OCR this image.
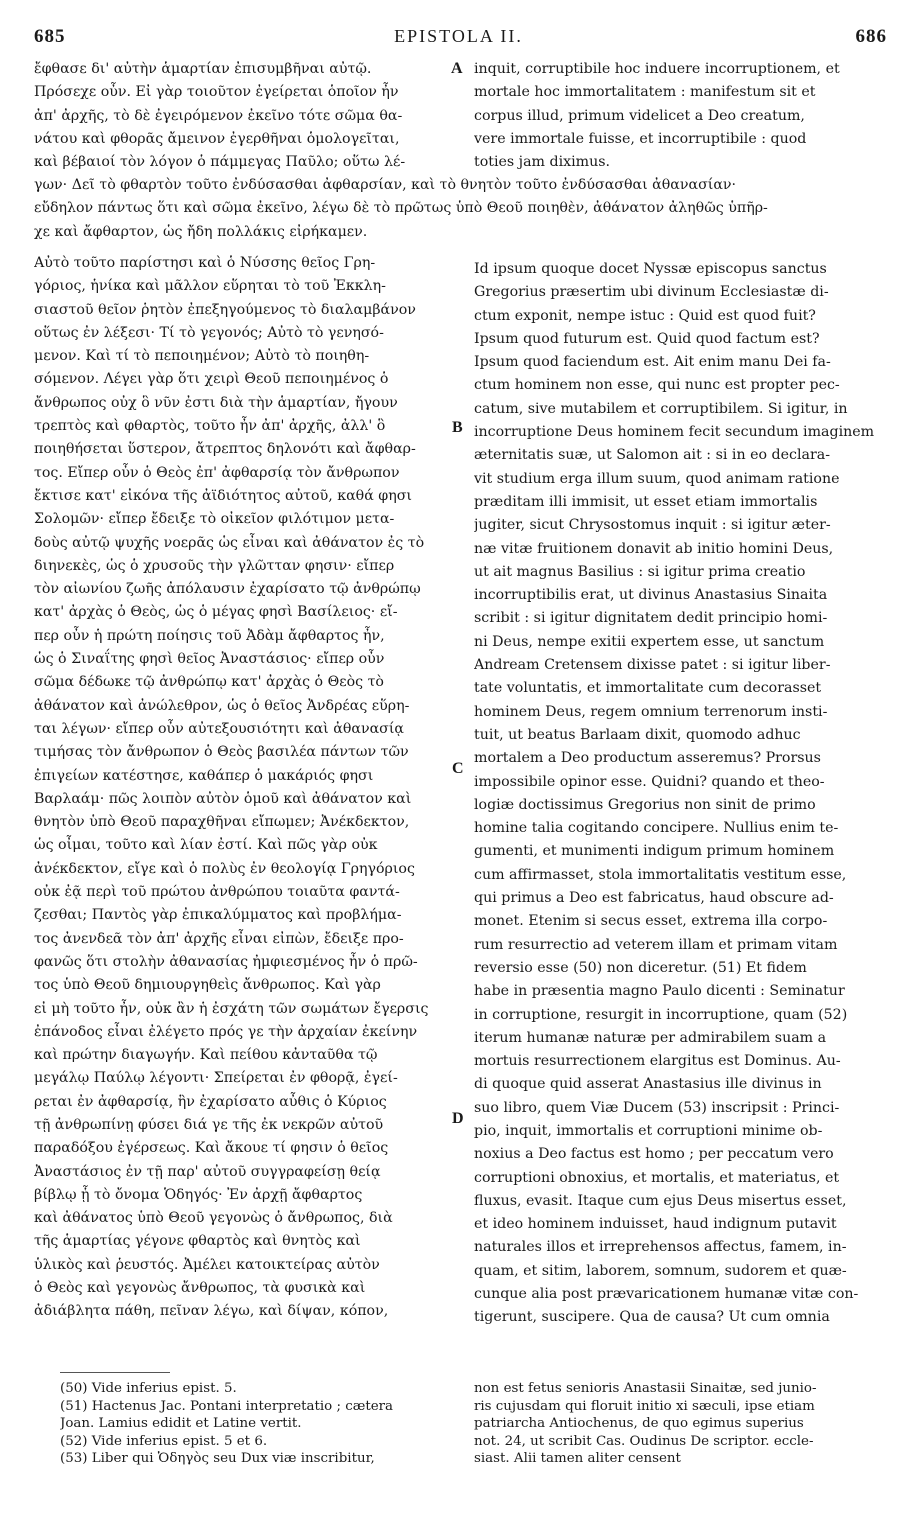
685	EPISTOLA II.	686
ἔφθασε δι' αὐτὴν ἁμαρτίαν ἐπισυμβῆναι αὐτῷ.
Πρόσεχε οὖν. Εἰ γὰρ τοιοῦτον ἐγείρεται ὁποῖον ἦν
ἀπ' ἀρχῆς, τὸ δὲ ἐγειρόμενον ἐκεῖνο τότε σῶμα θα-
νάτου καὶ φθορᾶς ἄμεινον ἐγερθῆναι ὁμολογεῖται,
καὶ βέβαιοί τὸν λόγον ὁ πάμμεγας Παῦλο; οὕτω λέ-
inquit, corruptibile hoc induere incorruptionem, et
mortale hoc immortalitatem : manifestum sit et
corpus illud, primum videlicet a Deo creatum,
vere immortale fuisse, et incorruptibile : quod
toties jam diximus.
A
γων· Δεῖ τὸ φθαρτὸν τοῦτο ἐνδύσασθαι ἀφθαρσίαν, καὶ τὸ θνητὸν τοῦτο ἐνδύσασθαι ἀθανασίαν·
εὔδηλον πάντως ὅτι καὶ σῶμα ἐκεῖνο, λέγω δὲ τὸ πρῶτως ὑπὸ Θεοῦ ποιηθὲν, ἀθάνατον ἀληθῶς ὑπῆρ-
χε καὶ ἄφθαρτον, ὡς ἤδη πολλάκις εἰρήκαμεν.
Αὐτὸ τοῦτο παρίστησι καὶ ὁ Νύσσης θεῖος Γρη-
γόριος, ἡνίκα καὶ μᾶλλον εὕρηται τὸ τοῦ Ἐκκλη-
σιαστοῦ θεῖον ῥητὸν ἐπεξηγούμενος τὸ διαλαμβάνον
οὕτως ἐν λέξεσι· Τί τὸ γεγονός; Αὐτὸ τὸ γενησό-
μενον. Καὶ τί τὸ πεποιημένον; Αὐτὸ τὸ ποιηθη-
σόμενον. Λέγει γὰρ ὅτι χειρὶ Θεοῦ πεποιημένος ὁ
ἄνθρωπος οὐχ ὃ νῦν ἐστι διὰ τὴν ἁμαρτίαν, ἤγουν
τρεπτὸς καὶ φθαρτὸς, τοῦτο ἦν ἀπ' ἀρχῆς, ἀλλ' ὃ
ποιηθήσεται ὕστερον, ἄτρεπτος δηλονότι καὶ ἄφθαρ-
τος. Εἴπερ οὖν ὁ Θεὸς ἐπ' ἀφθαρσίᾳ τὸν ἄνθρωπον
ἔκτισε κατ' εἰκόνα τῆς ἀϊδιότητος αὐτοῦ, καθά φησι
Σολομῶν· εἴπερ ἔδειξε τὸ οἰκεῖον φιλότιμον μετα-
δοὺς αὐτῷ ψυχῆς νοερᾶς ὡς εἶναι καὶ ἀθάνατον ἐς τὸ
διηνεκὲς, ὡς ὁ χρυσοῦς τὴν γλῶτταν φησιν· εἴπερ
τὸν αἰωνίου ζωῆς ἀπόλαυσιν ἐχαρίσατο τῷ ἀνθρώπῳ
κατ' ἀρχὰς ὁ Θεὸς, ὡς ὁ μέγας φησὶ Βασίλειος· εἴ-
περ οὖν ἡ πρώτη ποίησις τοῦ Ἀδὰμ ἄφθαρτος ἦν,
ὡς ὁ Σιναΐτης φησὶ θεῖος Ἀναστάσιος· εἴπερ οὖν
σῶμα δέδωκε τῷ ἀνθρώπῳ κατ' ἀρχὰς ὁ Θεὸς τὸ
ἀθάνατον καὶ ἀνώλεθρον, ὡς ὁ θεῖος Ἀνδρέας εὕρη-
ται λέγων· εἴπερ οὖν αὐτεξουσιότητι καὶ ἀθανασίᾳ
τιμήσας τὸν ἄνθρωπον ὁ Θεὸς βασιλέα πάντων τῶν
ἐπιγείων κατέστησε, καθάπερ ὁ μακάριός φησι
Βαρλαάμ· πῶς λοιπὸν αὐτὸν ὁμοῦ καὶ ἀθάνατον καὶ
θνητὸν ὑπὸ Θεοῦ παραχθῆναι εἴπωμεν; Ἀνέκδεκτον,
ὡς οἶμαι, τοῦτο καὶ λίαν ἐστί. Καὶ πῶς γὰρ οὐκ
ἀνέκδεκτον, εἴγε καὶ ὁ πολὺς ἐν θεολογίᾳ Γρηγόριος
οὐκ ἐᾷ περὶ τοῦ πρώτου ἀνθρώπου τοιαῦτα φαντά-
ζεσθαι; Παντὸς γὰρ ἐπικαλύμματος καὶ προβλήμα-
τος ἀνενδεᾶ τὸν ἀπ' ἀρχῆς εἶναι εἰπὼν, ἔδειξε προ-
φανῶς ὅτι στολὴν ἀθανασίας ἠμφιεσμένος ἦν ὁ πρῶ-
τος ὑπὸ Θεοῦ δημιουργηθεὶς ἄνθρωπος. Καὶ γὰρ
εἰ μὴ τοῦτο ἦν, οὐκ ἂν ἡ ἐσχάτη τῶν σωμάτων ἔγερσις
ἐπάνοδος εἶναι ἐλέγετο πρός γε τὴν ἀρχαίαν ἐκείνην
καὶ πρώτην διαγωγήν. Καὶ πείθου κἀνταῦθα τῷ
μεγάλῳ Παύλῳ λέγοντι· Σπείρεται ἐν φθορᾷ, ἐγεί-
ρεται ἐν ἀφθαρσίᾳ, ἣν ἐχαρίσατο αὖθις ὁ Κύριος
τῇ ἀνθρωπίνῃ φύσει διά γε τῆς ἐκ νεκρῶν αὐτοῦ
παραδόξου ἐγέρσεως. Καὶ ἄκουε τί φησιν ὁ θεῖος
Ἀναστάσιος ἐν τῇ παρ' αὐτοῦ συγγραφείσῃ θείᾳ
βίβλῳ ᾗ τὸ ὄνομα Ὁδηγός· Ἐν ἀρχῇ ἄφθαρτος
καὶ ἀθάνατος ὑπὸ Θεοῦ γεγονὼς ὁ ἄνθρωπος, διὰ
τῆς ἁμαρτίας γέγονε φθαρτὸς καὶ θνητὸς καὶ
ὑλικὸς καὶ ῥευστός. Ἀμέλει κατοικτείρας αὐτὸν
ὁ Θεὸς καὶ γεγονὼς ἄνθρωπος, τὰ φυσικὰ καὶ
ἀδιάβλητα πάθη, πεῖναν λέγω, καὶ δίψαν, κόπον,
Id ipsum quoque docet Nyssæ episcopus sanctus
Gregorius præsertim ubi divinum Ecclesiastæ di-
ctum exponit, nempe istuc : Quid est quod fuit?
Ipsum quod futurum est. Quid quod factum est?
Ipsum quod faciendum est. Ait enim manu Dei fa-
ctum hominem non esse, qui nunc est propter pec-
catum, sive mutabilem et corruptibilem. Si igitur, in
incorruptione Deus hominem fecit secundum imaginem
æternitatis suæ, ut Salomon ait : si in eo declara-
vit studium erga illum suum, quod animam ratione
præditam illi immisit, ut esset etiam immortalis
jugiter, sicut Chrysostomus inquit : si igitur æter-
næ vitæ fruitionem donavit ab initio homini Deus,
ut ait magnus Basilius : si igitur prima creatio
incorruptibilis erat, ut divinus Anastasius Sinaita
scribit : si igitur dignitatem dedit principio homi-
ni Deus, nempe exitii expertem esse, ut sanctum
Andream Cretensem dixisse patet : si igitur liber-
tate voluntatis, et immortalitate cum decorasset
hominem Deus, regem omnium terrenorum insti-
tuit, ut beatus Barlaam dixit, quomodo adhuc
mortalem a Deo productum asseremus? Prorsus
impossibile opinor esse. Quidni? quando et theo-
logiæ doctissimus Gregorius non sinit de primo
homine talia cogitando concipere. Nullius enim te-
gumenti, et munimenti indigum primum hominem
cum affirmasset, stola immortalitatis vestitum esse,
qui primus a Deo est fabricatus, haud obscure ad-
monet. Etenim si secus esset, extrema illa corpo-
rum resurrectio ad veterem illam et primam vitam
reversio esse (50) non diceretur. (51) Et fidem
habe in præsentia magno Paulo dicenti : Seminatur
in corruptione, resurgit in incorruptione, quam (52)
iterum humanæ naturæ per admirabilem suam a
mortuis resurrectionem elargitus est Dominus. Au-
di quoque quid asserat Anastasius ille divinus in
suo libro, quem Viæ Ducem (53) inscripsit : Princi-
pio, inquit, immortalis et corruptioni minime ob-
noxius a Deo factus est homo ; per peccatum vero
corruptioni obnoxius, et mortalis, et materiatus, et
fluxus, evasit. Itaque cum ejus Deus misertus esset,
et ideo hominem induisset, haud indignum putavit
naturales illos et irreprehensos affectus, famem, in-
quam, et sitim, laborem, somnum, sudorem et quæ-
cunque alia post prævaricationem humanæ vitæ con-
tigerunt, suscipere. Qua de causa? Ut cum omnia
B
C
D
(50) Vide inferius epist. 5.
(51) Hactenus Jac. Pontani interpretatio ; cætera
Joan. Lamius edidit et Latine vertit.
(52) Vide inferius epist. 5 et 6.
(53) Liber qui Ὁδηγὸς seu Dux viæ inscribitur,
non est fetus senioris Anastasii Sinaitæ, sed junio-
ris cujusdam qui floruit initio xi sæculi, ipse etiam
patriarcha Antiochenus, de quo egimus superius
not. 24, ut scribit Cas. Oudinus De scriptor. eccle-
siast. Alii tamen aliter censent
